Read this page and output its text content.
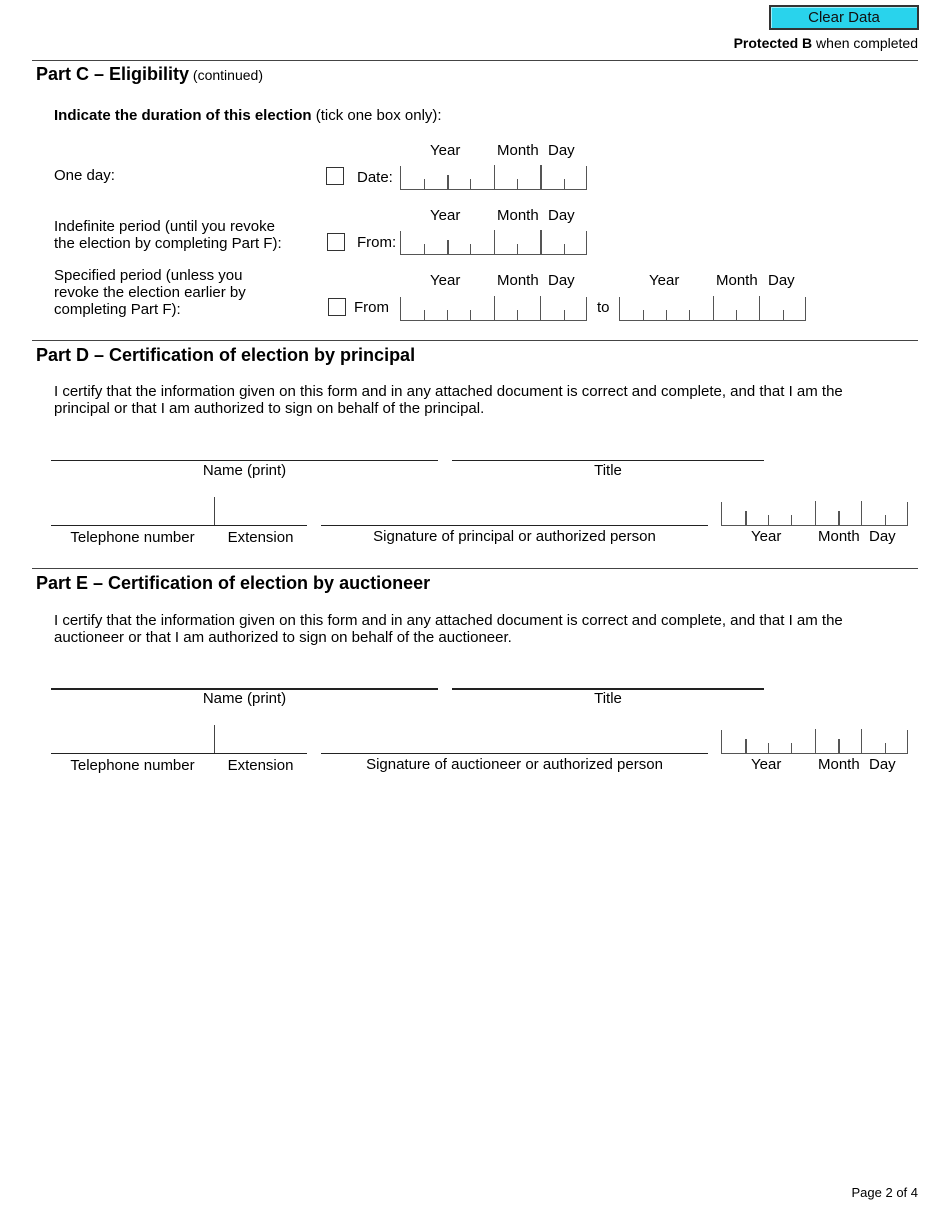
Clear Data
Protected B when completed
Part C – Eligibility (continued)
Indicate the duration of this election (tick one box only):
Year Month Day
One day:	Date:
Year Month Day
Indefinite period (until you revoke
the election by completing Part F):	From:
Year Month Day	Year Month Day
Specified period (unless you
revoke the election earlier by
completing Part F):	From	to
Part D – Certification of election by principal
I certify that the information given on this form and in any attached document is correct and complete, and that I am the
principal or that I am authorized to sign on behalf of the principal.
Name (print)	Title
Telephone number	Extension	Signature of principal or authorized person	Year Month Day
Part E – Certification of election by auctioneer
I certify that the information given on this form and in any attached document is correct and complete, and that I am the
auctioneer or that I am authorized to sign on behalf of the auctioneer.
Name (print)	Title
Telephone number	Extension	Signature of auctioneer or authorized person	Year Month Day
Page 2 of 4
